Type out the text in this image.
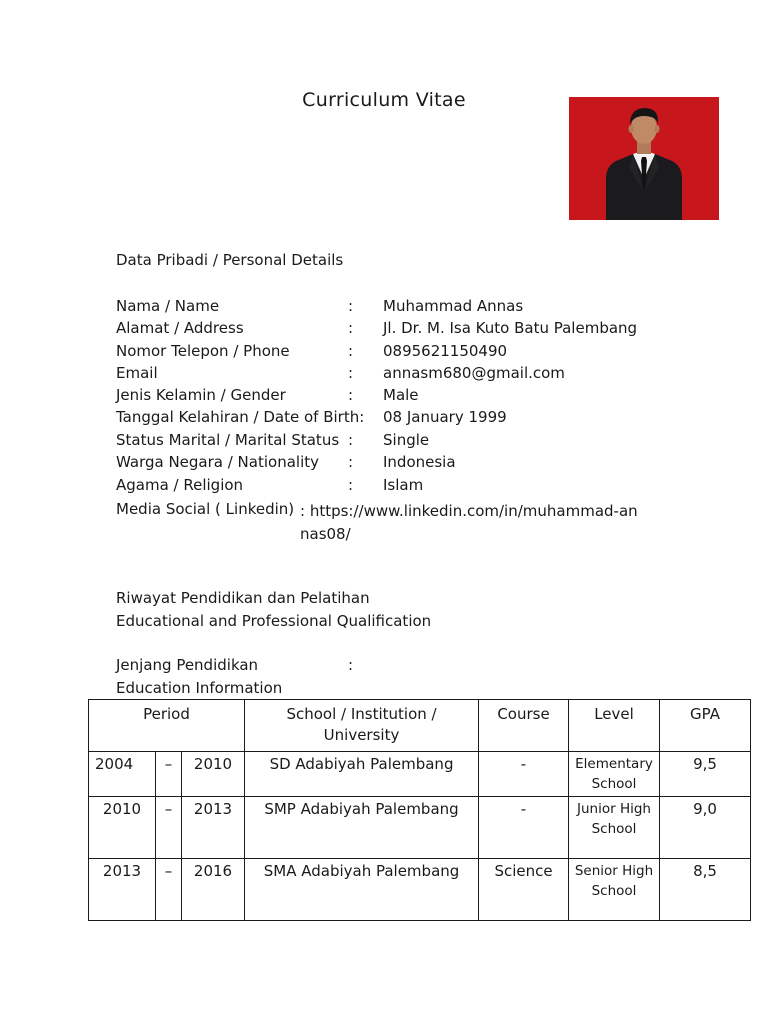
Curriculum Vitae
Data Pribadi / Personal Details
Nama / Name	: Muhammad Annas
Alamat / Address	: Jl. Dr. M. Isa Kuto Batu Palembang
Nomor Telepon / Phone	: 0895621150490
Email	: annasm680@gmail.com
Jenis Kelamin / Gender	: Male
Tanggal Kelahiran / Date of Birth: 08 January 1999
Status Marital / Marital Status : Single
Warga Negara / Nationality : Indonesia
Agama / Religion	: Islam
Media Social ( Linkedin) : https://www.linkedin.com/in/muhammad-annas08/
Riwayat Pendidikan dan Pelatihan
Educational and Professional Qualification
Jenjang Pendidikan	:
Education Information
Period			School / Institution / University	Course	Level	GPA
2004	–	2010	SD Adabiyah Palembang	-	Elementary School	9,5
2010	–	2013	SMP Adabiyah Palembang	-	Junior High School	9,0
2013	–	2016	SMA Adabiyah Palembang	Science	Senior High School	8,5
